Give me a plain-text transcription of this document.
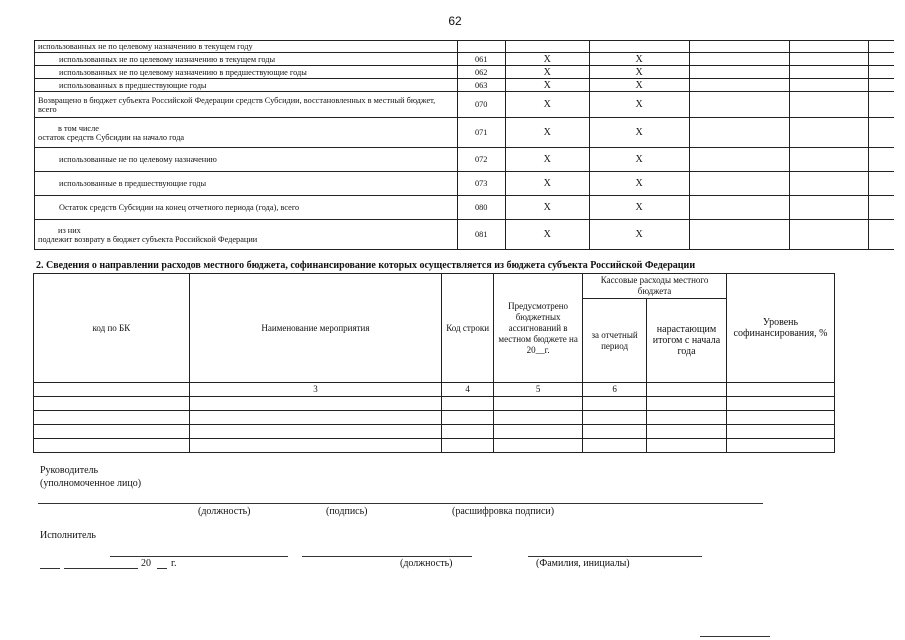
62
использованных не по целевому назначению в текущем году						
использованных не по целевому назначению в текущем годы	061	X	X			
использованных не по целевому назначению в предшествующие годы	062	X	X			
использованных в предшествующие годы	063	X	X			
Возвращено в бюджет субъекта Российской Федерации средств Субсидии, восстановленных в местный бюджет, всего	070	X	X			

в том числе
остаток средств Субсидии на начало года	071	X	X			
использованные не по целевому назначению	072	X	X			
использованные в предшествующие годы	073	X	X			
Остаток средств Субсидии на конец отчетного периода (года), всего	080	X	X			

из них
подлежит возврату в бюджет субъекта Российской Федерации	081	X	X			
2. Сведения о направлении расходов местного бюджета, софинансирование которых осуществляется из бюджета субъекта Российской Федерации
код по БК	Наименование мероприятия	Код строки	Предусмотрено бюджетных ассигнований в местном бюджете на 20__г.	Кассовые расходы местного бюджета		Уровень софинансирования, %
				за отчетный период	нарастающим итогом с начала года	
	3	4	5	6		

Руководитель
(уполномоченное лицо)
(должность)	(подпись)	(расшифровка подписи)
Исполнитель
20 г.	(должность)	(Фамилия, инициалы)
